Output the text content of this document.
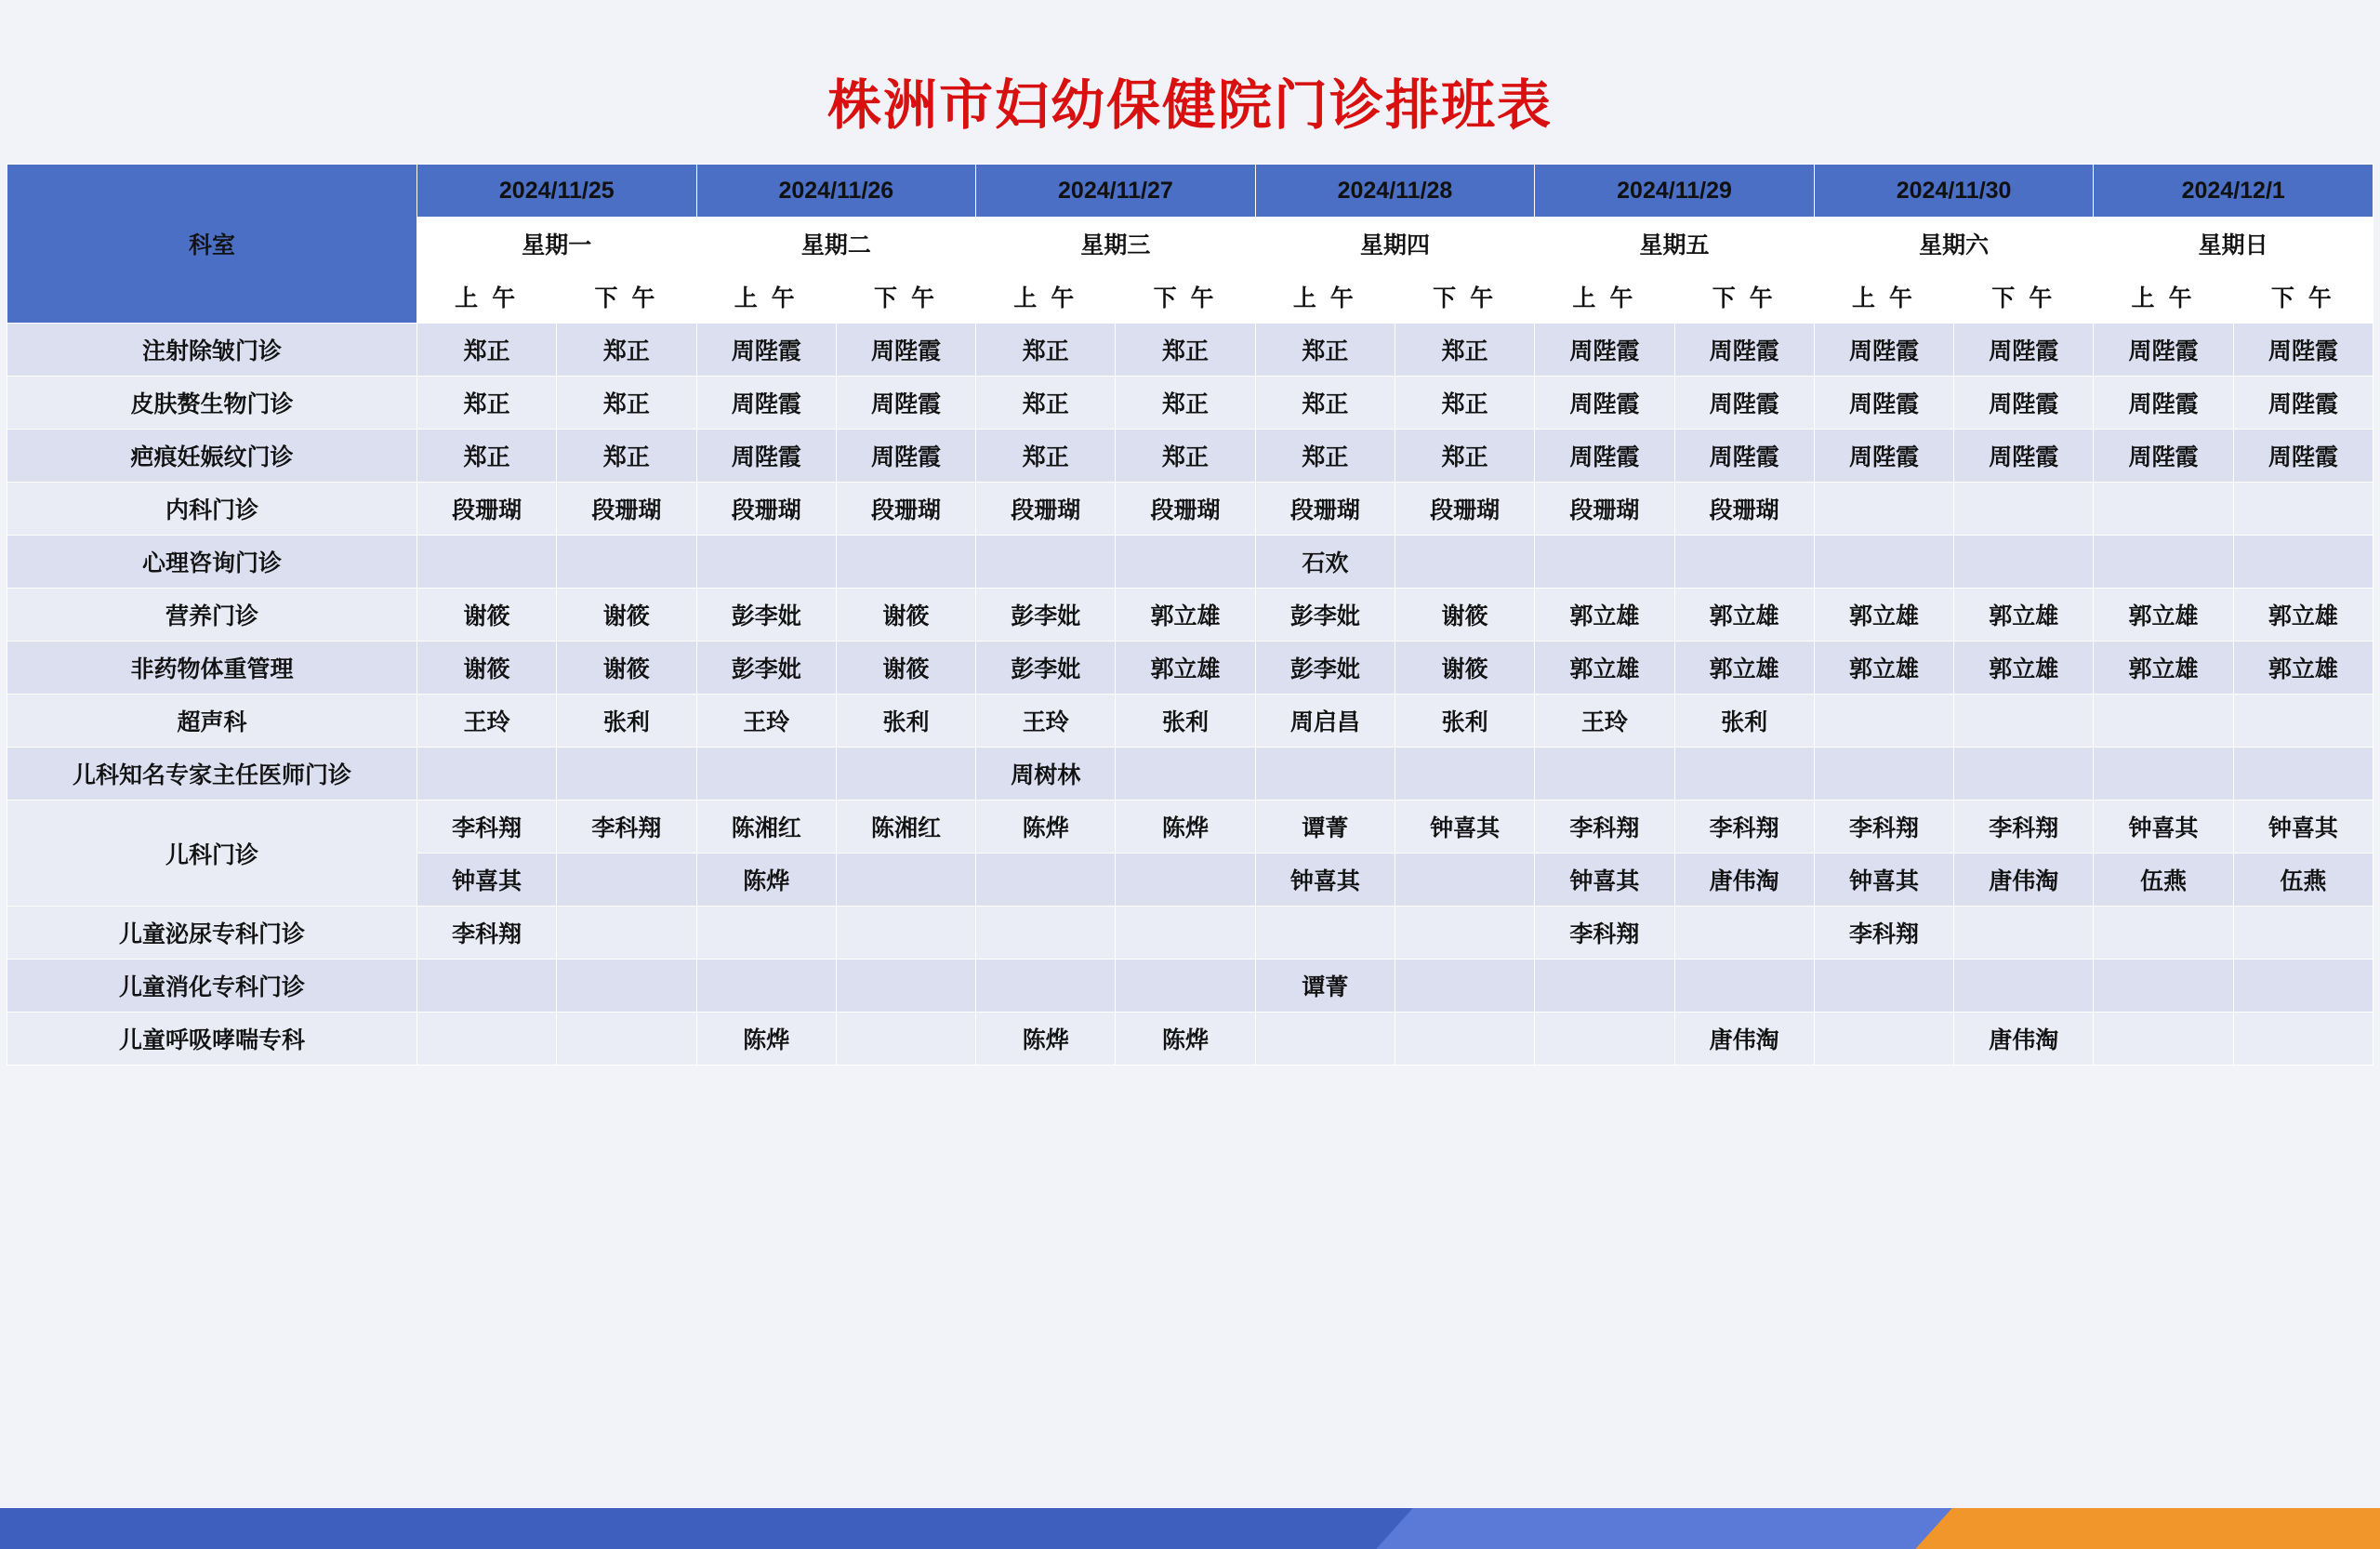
株洲市妇幼保健院门诊排班表
科室	2024/11/25		2024/11/26		2024/11/27		2024/11/28		2024/11/29		2024/11/30		2024/12/1	
	星期一		星期二		星期三		星期四		星期五		星期六		星期日	
	上 午	下 午	上 午	下 午	上 午	下 午	上 午	下 午	上 午	下 午	上 午	下 午	上 午	下 午
注射除皱门诊	郑正	郑正	周陛霞	周陛霞	郑正	郑正	郑正	郑正	周陛霞	周陛霞	周陛霞	周陛霞	周陛霞	周陛霞
皮肤赘生物门诊	郑正	郑正	周陛霞	周陛霞	郑正	郑正	郑正	郑正	周陛霞	周陛霞	周陛霞	周陛霞	周陛霞	周陛霞
疤痕妊娠纹门诊	郑正	郑正	周陛霞	周陛霞	郑正	郑正	郑正	郑正	周陛霞	周陛霞	周陛霞	周陛霞	周陛霞	周陛霞
内科门诊	段珊瑚	段珊瑚	段珊瑚	段珊瑚	段珊瑚	段珊瑚	段珊瑚	段珊瑚	段珊瑚	段珊瑚				
心理咨询门诊							石欢							
营养门诊	谢筱	谢筱	彭李妣	谢筱	彭李妣	郭立雄	彭李妣	谢筱	郭立雄	郭立雄	郭立雄	郭立雄	郭立雄	郭立雄
非药物体重管理	谢筱	谢筱	彭李妣	谢筱	彭李妣	郭立雄	彭李妣	谢筱	郭立雄	郭立雄	郭立雄	郭立雄	郭立雄	郭立雄
超声科	王玲	张利	王玲	张利	王玲	张利	周启昌	张利	王玲	张利				
儿科知名专家主任医师门诊					周树林									
儿科门诊	李科翔	李科翔	陈湘红	陈湘红	陈烨	陈烨	谭菁	钟喜其	李科翔	李科翔	李科翔	李科翔	钟喜其	钟喜其
	钟喜其		陈烨				钟喜其		钟喜其	唐伟淘	钟喜其	唐伟淘	伍燕	伍燕
儿童泌尿专科门诊	李科翔								李科翔		李科翔			
儿童消化专科门诊							谭菁							
儿童呼吸哮喘专科			陈烨		陈烨	陈烨				唐伟淘		唐伟淘		
